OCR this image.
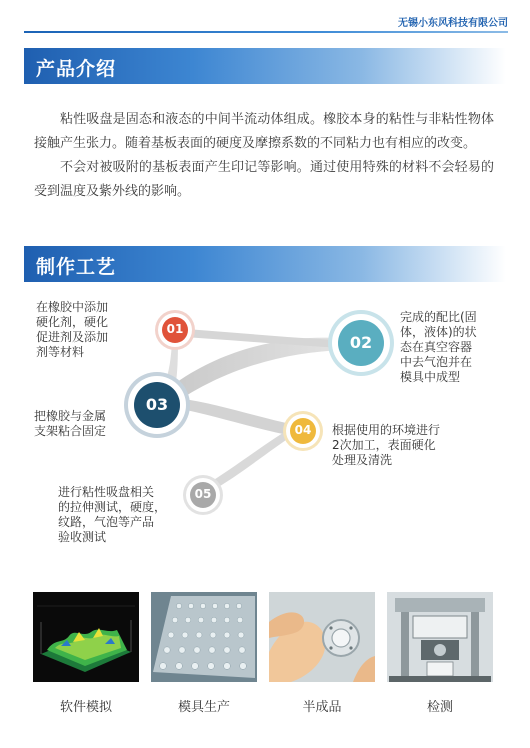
无锡小东风科技有限公司
产品介绍

粘性吸盘是固态和液态的中间半流动体组成。橡胶本身的粘性与非粘性物体接触产生张力。随着基板表面的硬度及摩擦系数的不同粘力也有相应的改变。

不会对被吸附的基板表面产生印记等影响。通过使用特殊的材料不会轻易的受到温度及紫外线的影响。

制作工艺
01
02
03
04
05
在橡胶中添加
硬化剂，硬化
促进剂及添加
剂等材料
完成的配比(固
体，液体)的状
态在真空容器
中去气泡并在
模具中成型
把橡胶与金属
支架粘合固定	根据使用的环境进行
2次加工，表面硬化
处理及清洗
进行粘性吸盘相关
的拉伸测试，硬度，
纹路，气泡等产品
验收测试
软件模拟	模具生产	半成品	检测
